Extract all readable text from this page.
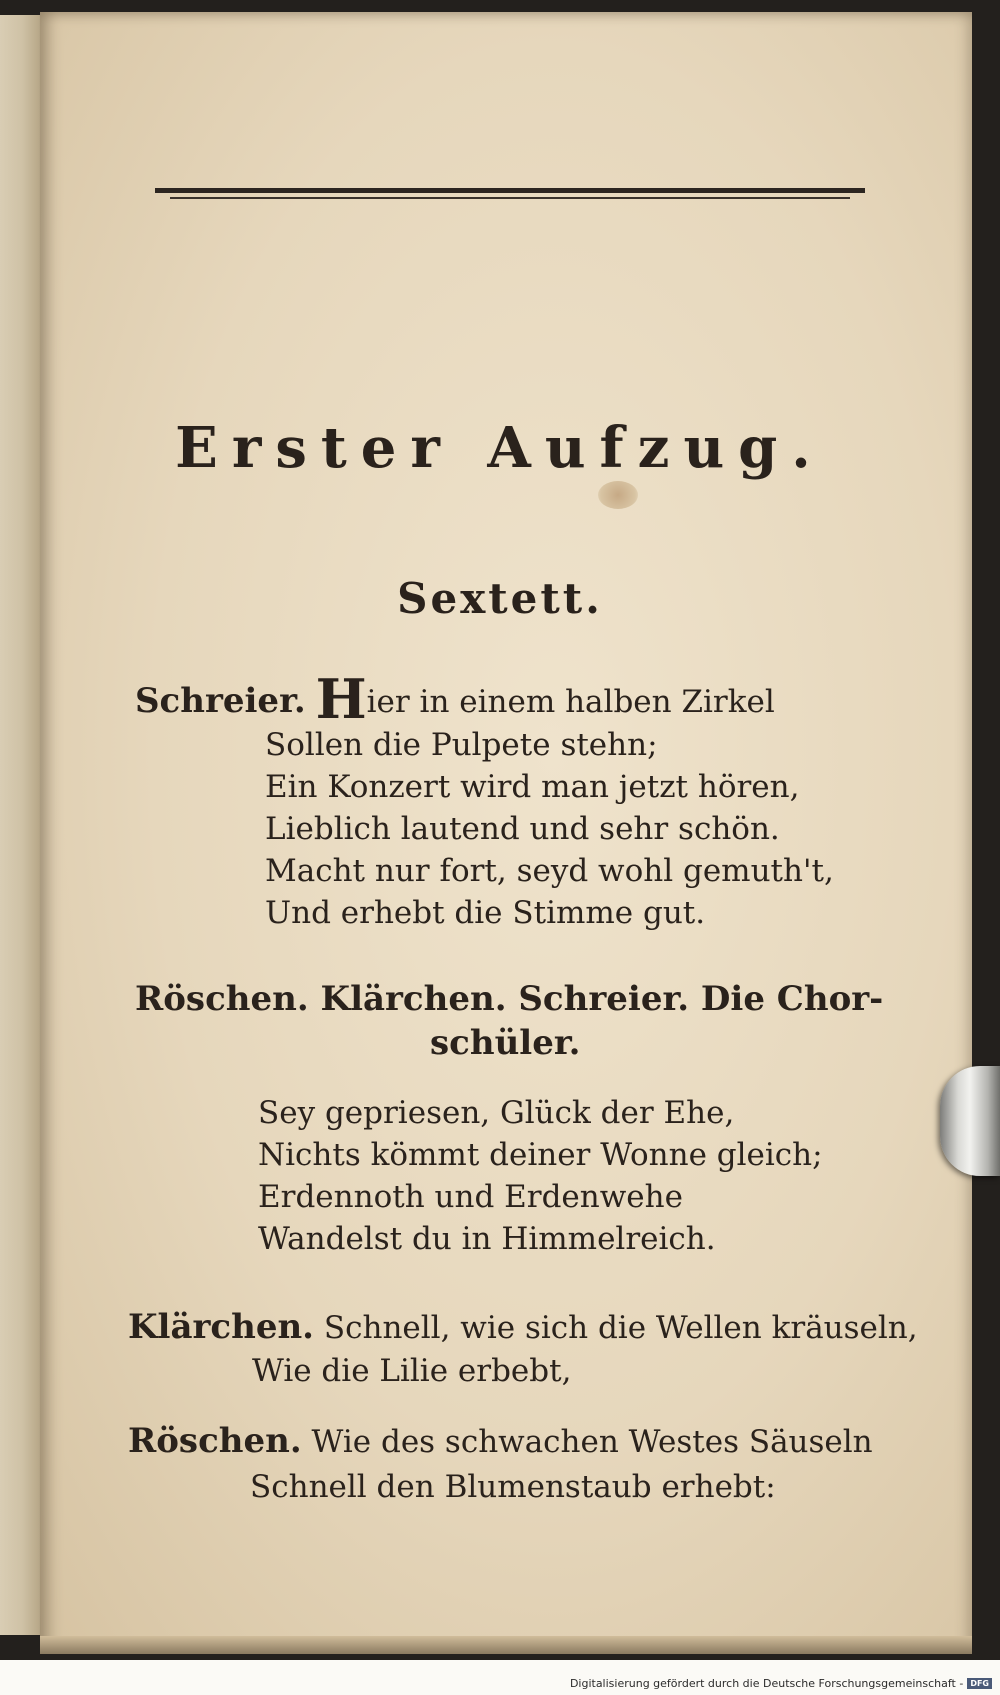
Erster Aufzug.
Sextett.
Schreier. Hier in einem halben Zirkel
Sollen die Pulpete stehn;
Ein Konzert wird man jetzt hören,
Lieblich lautend und sehr schön.
Macht nur fort, seyd wohl gemuth't,
Und erhebt die Stimme gut.
Röschen. Klärchen. Schreier. Die Chor-
schüler.
Sey gepriesen, Glück der Ehe,
Nichts kömmt deiner Wonne gleich;
Erdennoth und Erdenwehe
Wandelst du in Himmelreich.
Klärchen. Schnell, wie sich die Wellen kräuseln,
Wie die Lilie erbebt,
Röschen. Wie des schwachen Westes Säuseln
Schnell den Blumenstaub erhebt:
Digitalisierung gefördert durch die Deutsche Forschungsgemeinschaft - DFG
